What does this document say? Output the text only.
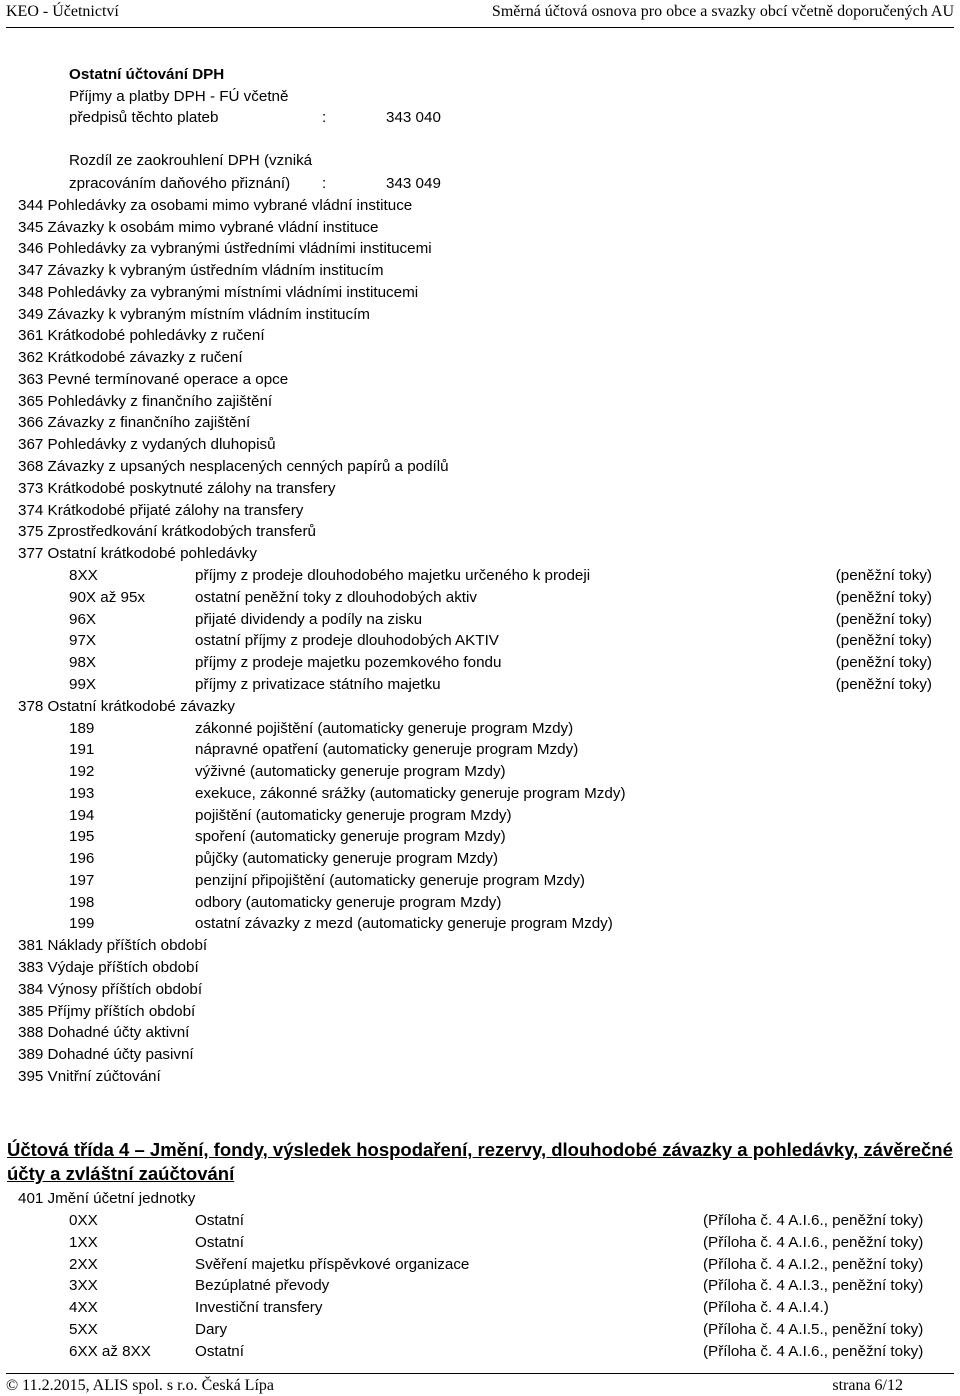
KEO - Účetnictví	Směrná účtová osnova pro obce a svazky obcí včetně doporučených AU
Ostatní účtování DPH
Příjmy a platby DPH - FÚ včetně
předpisů těchto plateb	:	343 040
Rozdíl ze zaokrouhlení DPH (vzniká
zpracováním daňového přiznání) :	343 049
344 Pohledávky za osobami mimo vybrané vládní instituce
345 Závazky k osobám mimo vybrané vládní instituce
346 Pohledávky za vybranými ústředními vládními institucemi
347 Závazky k vybraným ústředním vládním institucím
348 Pohledávky za vybranými místními vládními institucemi
349 Závazky k vybraným místním vládním institucím
361 Krátkodobé pohledávky z ručení
362 Krátkodobé závazky z ručení
363 Pevné termínované operace a opce
365 Pohledávky z finančního zajištění
366 Závazky z finančního zajištění
367 Pohledávky z vydaných dluhopisů
368 Závazky z upsaných nesplacených cenných papírů a podílů
373 Krátkodobé poskytnuté zálohy na transfery
374 Krátkodobé přijaté zálohy na transfery
375 Zprostředkování krátkodobých transferů
377 Ostatní krátkodobé pohledávky
8XX	příjmy z prodeje dlouhodobého majetku určeného k prodeji	(peněžní toky)
90X až 95x	ostatní peněžní toky z dlouhodobých aktiv	(peněžní toky)
96X	přijaté dividendy a podíly na zisku	(peněžní toky)
97X	ostatní příjmy z prodeje dlouhodobých AKTIV	(peněžní toky)
98X	příjmy z prodeje majetku pozemkového fondu	(peněžní toky)
99X	příjmy z privatizace státního majetku	(peněžní toky)
378 Ostatní krátkodobé závazky
189	zákonné pojištění (automaticky generuje program Mzdy)
191	nápravné opatření (automaticky generuje program Mzdy)
192	výživné (automaticky generuje program Mzdy)
193	exekuce, zákonné srážky (automaticky generuje program Mzdy)
194	pojištění (automaticky generuje program Mzdy)
195	spoření (automaticky generuje program Mzdy)
196	půjčky (automaticky generuje program Mzdy)
197	penzijní připojištění (automaticky generuje program Mzdy)
198	odbory (automaticky generuje program Mzdy)
199	ostatní závazky z mezd (automaticky generuje program Mzdy)
381 Náklady příštích období
383 Výdaje příštích období
384 Výnosy příštích období
385 Příjmy příštích období
388 Dohadné účty aktivní
389 Dohadné účty pasivní
395 Vnitřní zúčtování
Účtová třída 4 – Jmění, fondy, výsledek hospodaření, rezervy, dlouhodobé závazky a pohledávky, závěrečné účty a zvláštní zaúčtování
401 Jmění účetní jednotky
0XX	Ostatní	(Příloha č. 4 A.I.6., peněžní toky)
1XX	Ostatní	(Příloha č. 4 A.I.6., peněžní toky)
2XX	Svěření majetku příspěvkové organizace	(Příloha č. 4 A.I.2., peněžní toky)
3XX	Bezúplatné převody	(Příloha č. 4 A.I.3., peněžní toky)
4XX	Investiční transfery	(Příloha č. 4 A.I.4.)
5XX	Dary	(Příloha č. 4 A.I.5., peněžní toky)
6XX až 8XX	Ostatní	(Příloha č. 4 A.I.6., peněžní toky)
© 11.2.2015, ALIS spol. s r.o. Česká Lípa	strana 6/12
